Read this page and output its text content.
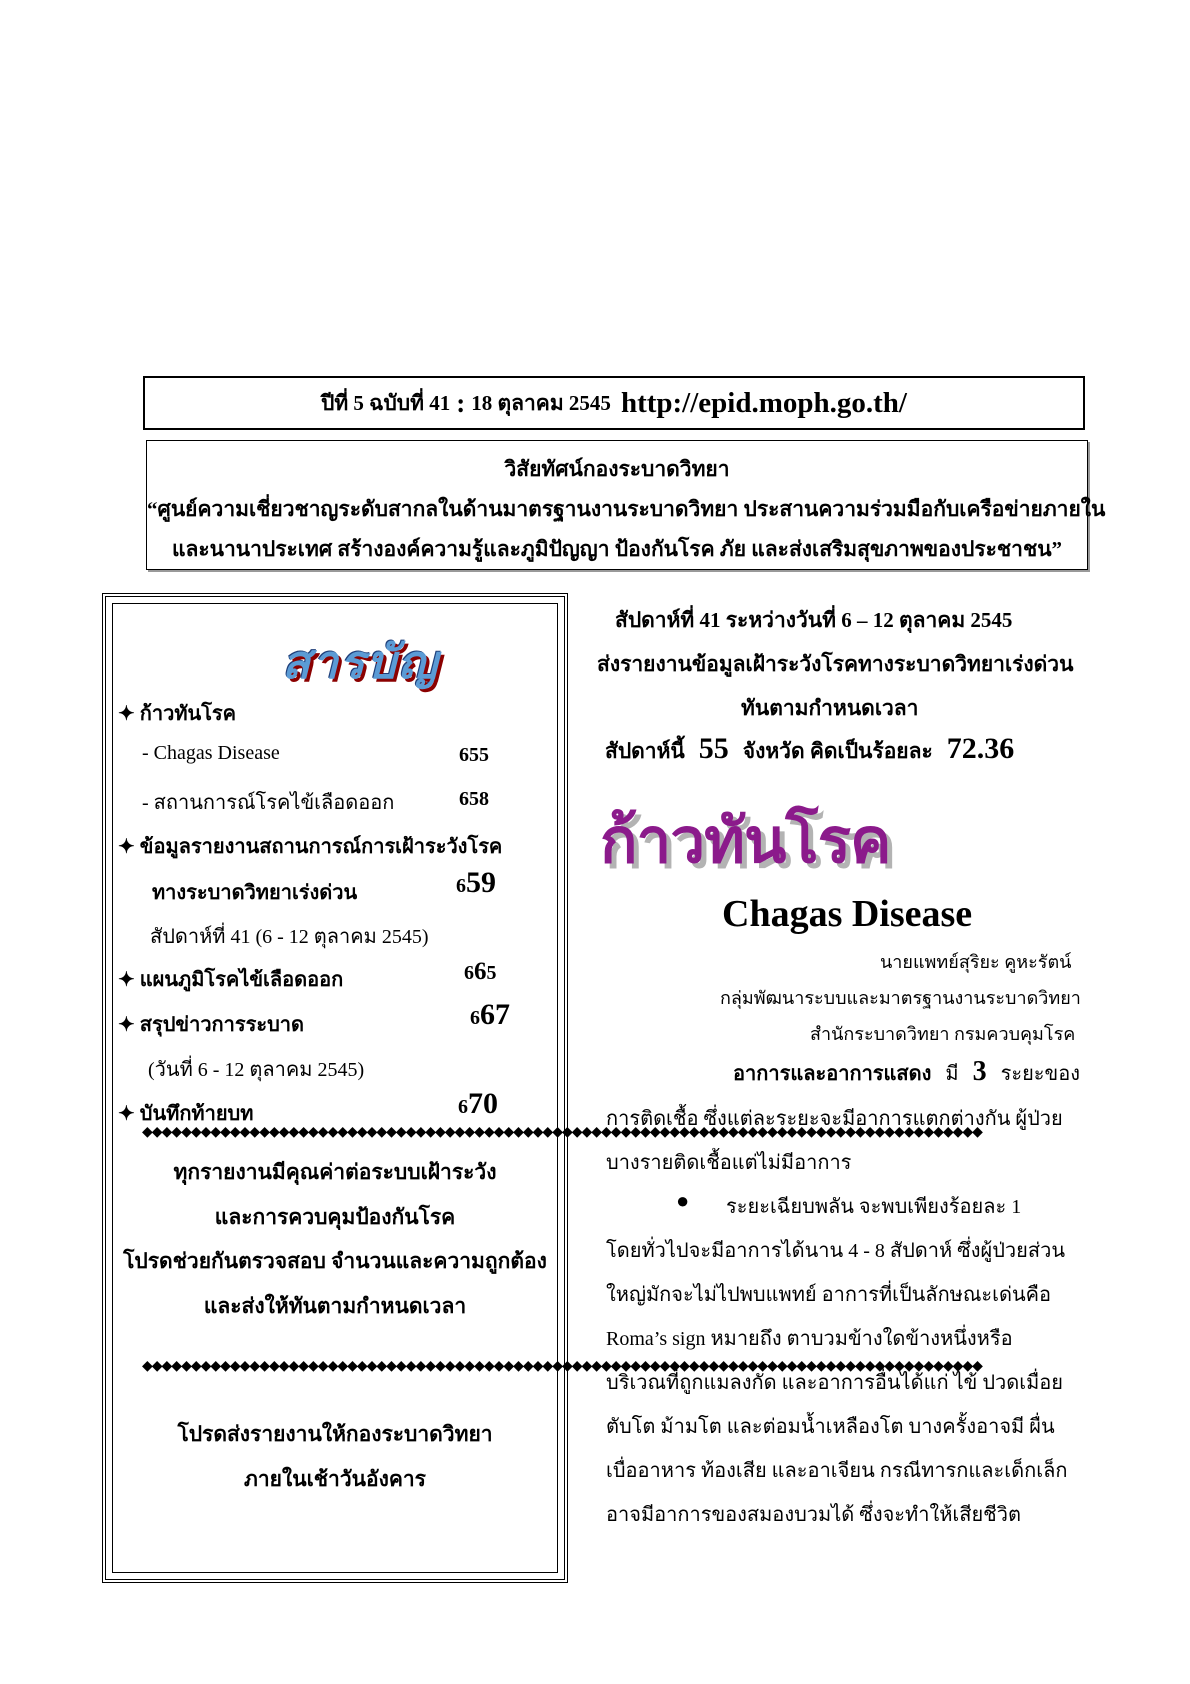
ปีที่ 5 ฉบับที่ 41 : 18 ตุลาคม 2545 http://epid.moph.go.th/
วิสัยทัศน์กองระบาดวิทยา
“ศูนย์ความเชี่ยวชาญระดับสากลในด้านมาตรฐานงานระบาดวิทยา ประสานความร่วมมือกับเครือข่ายภายใน
และนานาประเทศ สร้างองค์ความรู้และภูมิปัญญา ป้องกันโรค ภัย และส่งเสริมสุขภาพของประชาชน”
สารบัญ
✦ ก้าวทันโรค
- Chagas Disease	655
- สถานการณ์โรคไข้เลือดออก	658
✦ ข้อมูลรายงานสถานการณ์การเฝ้าระวังโรค
ทางระบาดวิทยาเร่งด่วน	659
สัปดาห์ที่ 41 (6 - 12 ตุลาคม 2545)
✦ แผนภูมิโรคไข้เลือดออก	665
✦ สรุปข่าวการระบาด	667
(วันที่ 6 - 12 ตุลาคม 2545)
✦ บันทึกท้ายบท	670
◆◆◆◆◆◆◆◆◆◆◆◆◆◆◆◆◆◆◆◆◆◆◆◆◆◆◆◆◆◆◆◆◆◆◆◆◆◆◆◆◆◆◆◆◆◆◆◆◆◆◆◆◆◆◆◆◆◆◆◆◆◆◆◆◆◆◆◆◆◆◆◆◆◆◆◆◆◆◆◆◆◆◆◆◆◆
ทุกรายงานมีคุณค่าต่อระบบเฝ้าระวัง
และการควบคุมป้องกันโรค
โปรดช่วยกันตรวจสอบ จำนวนและความถูกต้อง
และส่งให้ทันตามกำหนดเวลา
◆◆◆◆◆◆◆◆◆◆◆◆◆◆◆◆◆◆◆◆◆◆◆◆◆◆◆◆◆◆◆◆◆◆◆◆◆◆◆◆◆◆◆◆◆◆◆◆◆◆◆◆◆◆◆◆◆◆◆◆◆◆◆◆◆◆◆◆◆◆◆◆◆◆◆◆◆◆◆◆◆◆◆◆◆◆
โปรดส่งรายงานให้กองระบาดวิทยา
ภายในเช้าวันอังคาร
สัปดาห์ที่ 41 ระหว่างวันที่ 6 – 12 ตุลาคม 2545
ส่งรายงานข้อมูลเฝ้าระวังโรคทางระบาดวิทยาเร่งด่วน
ทันตามกำหนดเวลา
สัปดาห์นี้ 55 จังหวัด คิดเป็นร้อยละ 72.36
ก้าวทันโรค
Chagas Disease
นายแพทย์สุริยะ คูหะรัตน์
กลุ่มพัฒนาระบบและมาตรฐานงานระบาดวิทยา
สำนักระบาดวิทยา กรมควบคุมโรค
อาการและอาการแสดง มี 3 ระยะของ
การติดเชื้อ ซึ่งแต่ละระยะจะมีอาการแตกต่างกัน ผู้ป่วย
บางรายติดเชื้อแต่ไม่มีอาการ
● ระยะเฉียบพลัน จะพบเพียงร้อยละ 1
โดยทั่วไปจะมีอาการได้นาน 4 - 8 สัปดาห์ ซึ่งผู้ป่วยส่วน
ใหญ่มักจะไม่ไปพบแพทย์ อาการที่เป็นลักษณะเด่นคือ
Roma’s sign หมายถึง ตาบวมข้างใดข้างหนึ่งหรือ
บริเวณที่ถูกแมลงกัด และอาการอื่นได้แก่ ไข้ ปวดเมื่อย
ตับโต ม้ามโต และต่อมน้ำเหลืองโต บางครั้งอาจมี ผื่น
เบื่ออาหาร ท้องเสีย และอาเจียน กรณีทารกและเด็กเล็ก
อาจมีอาการของสมองบวมได้ ซึ่งจะทำให้เสียชีวิต
